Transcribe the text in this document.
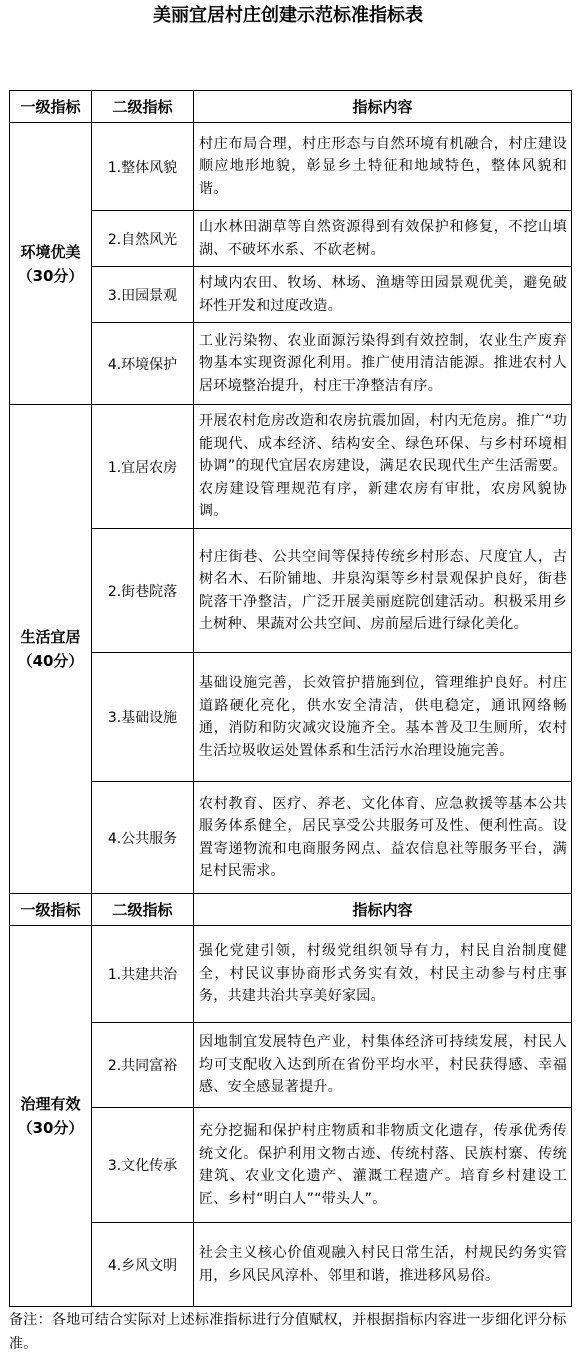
美丽宜居村庄创建示范标准指标表
一级指标	二级指标	指标内容

环境优美
（30分）	1.整体风貌	村庄布局合理，村庄形态与自然环境有机融合，村庄建设顺应地形地貌，彰显乡土特征和地域特色，整体风貌和谐。
	2.自然风光	山水林田湖草等自然资源得到有效保护和修复，不挖山填湖、不破坏水系、不砍老树。
	3.田园景观	村域内农田、牧场、林场、渔塘等田园景观优美，避免破坏性开发和过度改造。
	4.环境保护	工业污染物、农业面源污染得到有效控制，农业生产废弃物基本实现资源化利用。推广使用清洁能源。推进农村人居环境整治提升，村庄干净整洁有序。

生活宜居
（40分）	1.宜居农房	开展农村危房改造和农房抗震加固，村内无危房。推广“功能现代、成本经济、结构安全、绿色环保、与乡村环境相协调”的现代宜居农房建设，满足农民现代生产生活需要。农房建设管理规范有序，新建农房有审批，农房风貌协调。
	2.街巷院落	村庄街巷、公共空间等保持传统乡村形态、尺度宜人，古树名木、石阶铺地、井泉沟渠等乡村景观保护良好，街巷院落干净整洁，广泛开展美丽庭院创建活动。积极采用乡土树种、果蔬对公共空间、房前屋后进行绿化美化。
	3.基础设施	基础设施完善，长效管护措施到位，管理维护良好。村庄道路硬化亮化，供水安全清洁，供电稳定，通讯网络畅通，消防和防灾减灾设施齐全。基本普及卫生厕所，农村生活垃圾收运处置体系和生活污水治理设施完善。
	4.公共服务	农村教育、医疗、养老、文化体育、应急救援等基本公共服务体系健全，居民享受公共服务可及性、便利性高。设置寄递物流和电商服务网点、益农信息社等服务平台，满足村民需求。
一级指标	二级指标	指标内容

治理有效
（30分）	1.共建共治	强化党建引领，村级党组织领导有力，村民自治制度健全，村民议事协商形式务实有效，村民主动参与村庄事务，共建共治共享美好家园。
	2.共同富裕	因地制宜发展特色产业，村集体经济可持续发展，村民人均可支配收入达到所在省份平均水平，村民获得感、幸福感、安全感显著提升。
	3.文化传承	充分挖掘和保护村庄物质和非物质文化遗存，传承优秀传统文化。保护利用文物古迹、传统村落、民族村寨、传统建筑、农业文化遗产、灌溉工程遗产。培育乡村建设工匠、乡村“明白人”“带头人”。
	4.乡风文明	社会主义核心价值观融入村民日常生活，村规民约务实管用，乡风民风淳朴、邻里和谐，推进移风易俗。
备注：各地可结合实际对上述标准指标进行分值赋权，并根据指标内容进一步细化评分标准。
